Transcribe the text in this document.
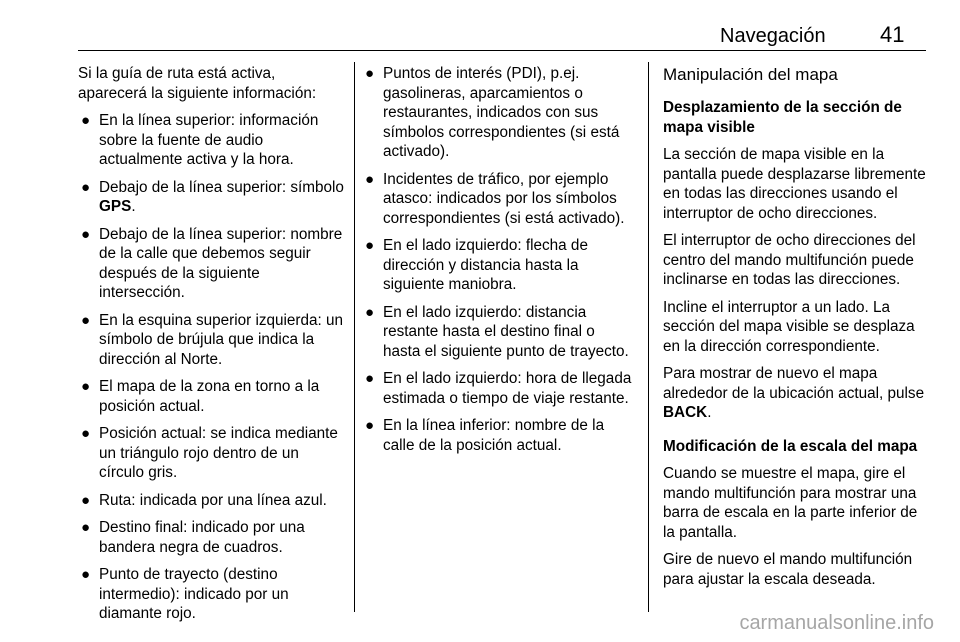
Navegación 41

Si la guía de ruta está activa, aparecerá la siguiente información:

● En la línea superior: información sobre la fuente de audio actualmente activa y la hora.
● Debajo de la línea superior: símbolo GPS.
● Debajo de la línea superior: nombre de la calle que debemos seguir después de la siguiente intersección.
● En la esquina superior izquierda: un símbolo de brújula que indica la dirección al Norte.
● El mapa de la zona en torno a la posición actual.
● Posición actual: se indica mediante un triángulo rojo dentro de un círculo gris.
● Ruta: indicada por una línea azul.
● Destino final: indicado por una bandera negra de cuadros.
● Punto de trayecto (destino intermedio): indicado por un diamante rojo.
● Puntos de interés (PDI), p.ej. gasolineras, aparcamientos o restaurantes, indicados con sus símbolos correspondientes (si está activado).
● Incidentes de tráfico, por ejemplo atasco: indicados por los símbolos correspondientes (si está activado).
● En el lado izquierdo: flecha de dirección y distancia hasta la siguiente maniobra.
● En el lado izquierdo: distancia restante hasta el destino final o hasta el siguiente punto de trayecto.
● En el lado izquierdo: hora de llegada estimada o tiempo de viaje restante.
● En la línea inferior: nombre de la calle de la posición actual.
Manipulación del mapa

Desplazamiento de la sección de mapa visible

La sección de mapa visible en la pantalla puede desplazarse libremente en todas las direcciones usando el interruptor de ocho direcciones.

El interruptor de ocho direcciones del centro del mando multifunción puede inclinarse en todas las direcciones.

Incline el interruptor a un lado. La sección del mapa visible se desplaza en la dirección correspondiente.

Para mostrar de nuevo el mapa alrededor de la ubicación actual, pulse BACK.

Modificación de la escala del mapa

Cuando se muestre el mapa, gire el mando multifunción para mostrar una barra de escala en la parte inferior de la pantalla.

Gire de nuevo el mando multifunción para ajustar la escala deseada.

carmanualsonline.info
